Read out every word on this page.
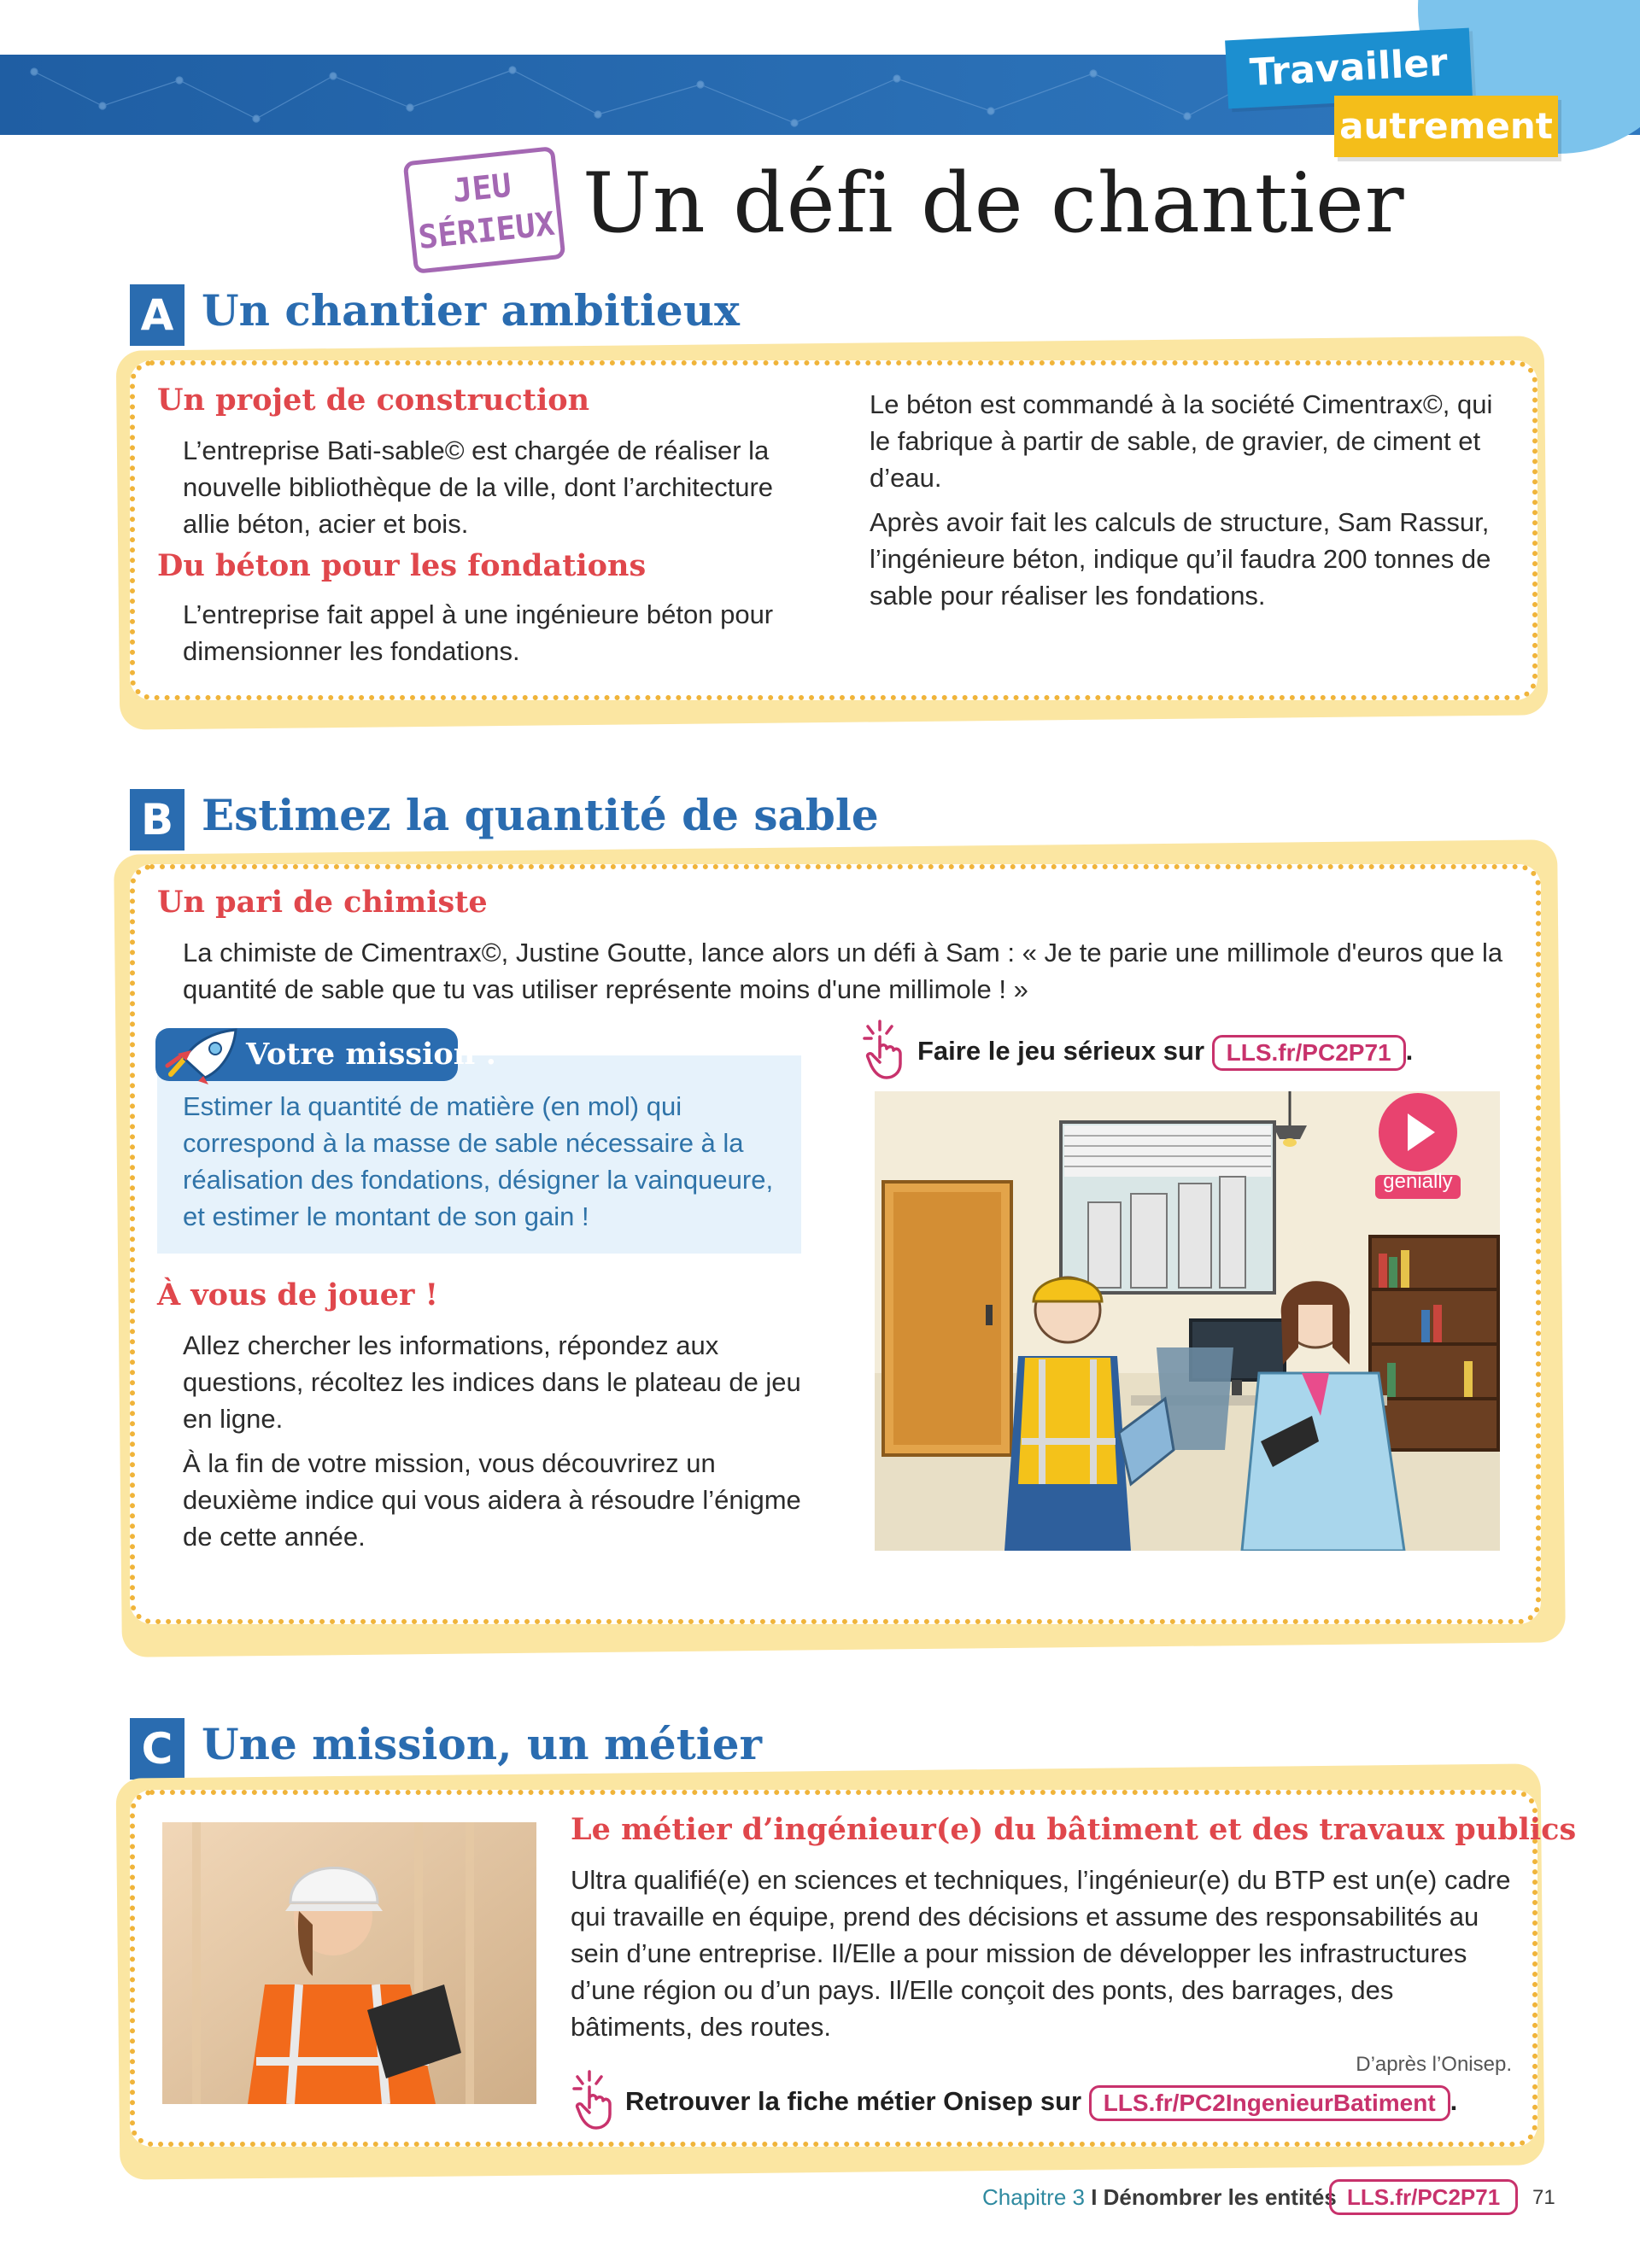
Travailler
autrement
JEU
SÉRIEUX Un défi de chantier
A Un chantier ambitieux
Un projet de construction
L’entreprise Bati-sable© est chargée de réaliser la nouvelle bibliothèque de la ville, dont l’architecture allie béton, acier et bois.
Du béton pour les fondations
L’entreprise fait appel à une ingénieure béton pour dimensionner les fondations.
Le béton est commandé à la société Cimentrax©, qui le fabrique à partir de sable, de gravier, de ciment et d’eau.
Après avoir fait les calculs de structure, Sam Rassur, l’ingénieure béton, indique qu’il faudra 200 tonnes de sable pour réaliser les fondations.
B Estimez la quantité de sable
Un pari de chimiste
La chimiste de Cimentrax©, Justine Goutte, lance alors un défi à Sam : « Je te parie une millimole d'euros que la quantité de sable que tu vas utiliser représente moins d'une millimole ! »
Votre mission :
Estimer la quantité de matière (en mol) qui correspond à la masse de sable nécessaire à la réalisation des fondations, désigner la vainqueure, et estimer le montant de son gain !
À vous de jouer !
Allez chercher les informations, répondez aux questions, récoltez les indices dans le plateau de jeu en ligne.
À la fin de votre mission, vous découvrirez un deuxième indice qui vous aidera à résoudre l’énigme de cette année.
Faire le jeu sérieux sur LLS.fr/PC2P71 .
genially
C Une mission, un métier
Le métier d’ingénieur(e) du bâtiment et des travaux publics
Ultra qualifié(e) en sciences et techniques, l’ingénieur(e) du BTP est un(e) cadre qui travaille en équipe, prend des décisions et assume des responsabilités au sein d’une entreprise. Il/Elle a pour mission de développer les infrastructures d’une région ou d’un pays. Il/Elle conçoit des ponts, des barrages, des bâtiments, des routes.
D’après l’Onisep.
Retrouver la fiche métier Onisep sur LLS.fr/PC2IngenieurBatiment .
Chapitre 3 I Dénombrer les entités LLS.fr/PC2P71	71
